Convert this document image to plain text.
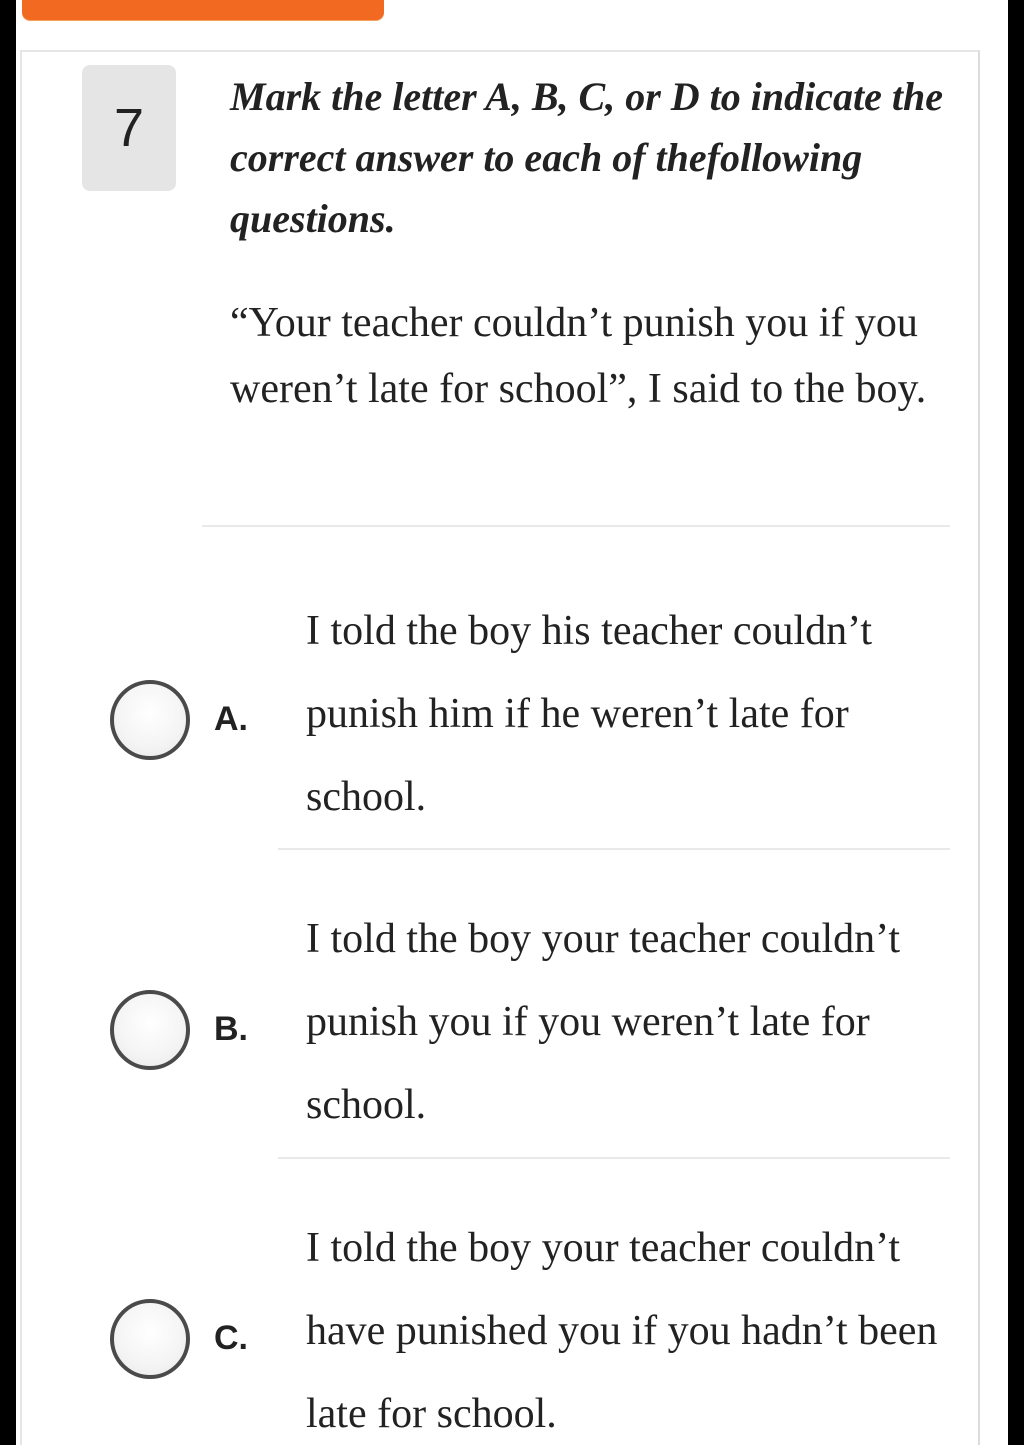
7
Mark the letter A, B, C, or D to indicate the correct answer to each of thefollowing questions.
“Your teacher couldn’t punish you if you weren’t late for school”, I said to the boy.
A.
I told the boy his teacher couldn’t punish him if he weren’t late for school.
B.
I told the boy your teacher couldn’t punish you if you weren’t late for school.
C.
I told the boy your teacher couldn’t have punished you if you hadn’t been late for school.
